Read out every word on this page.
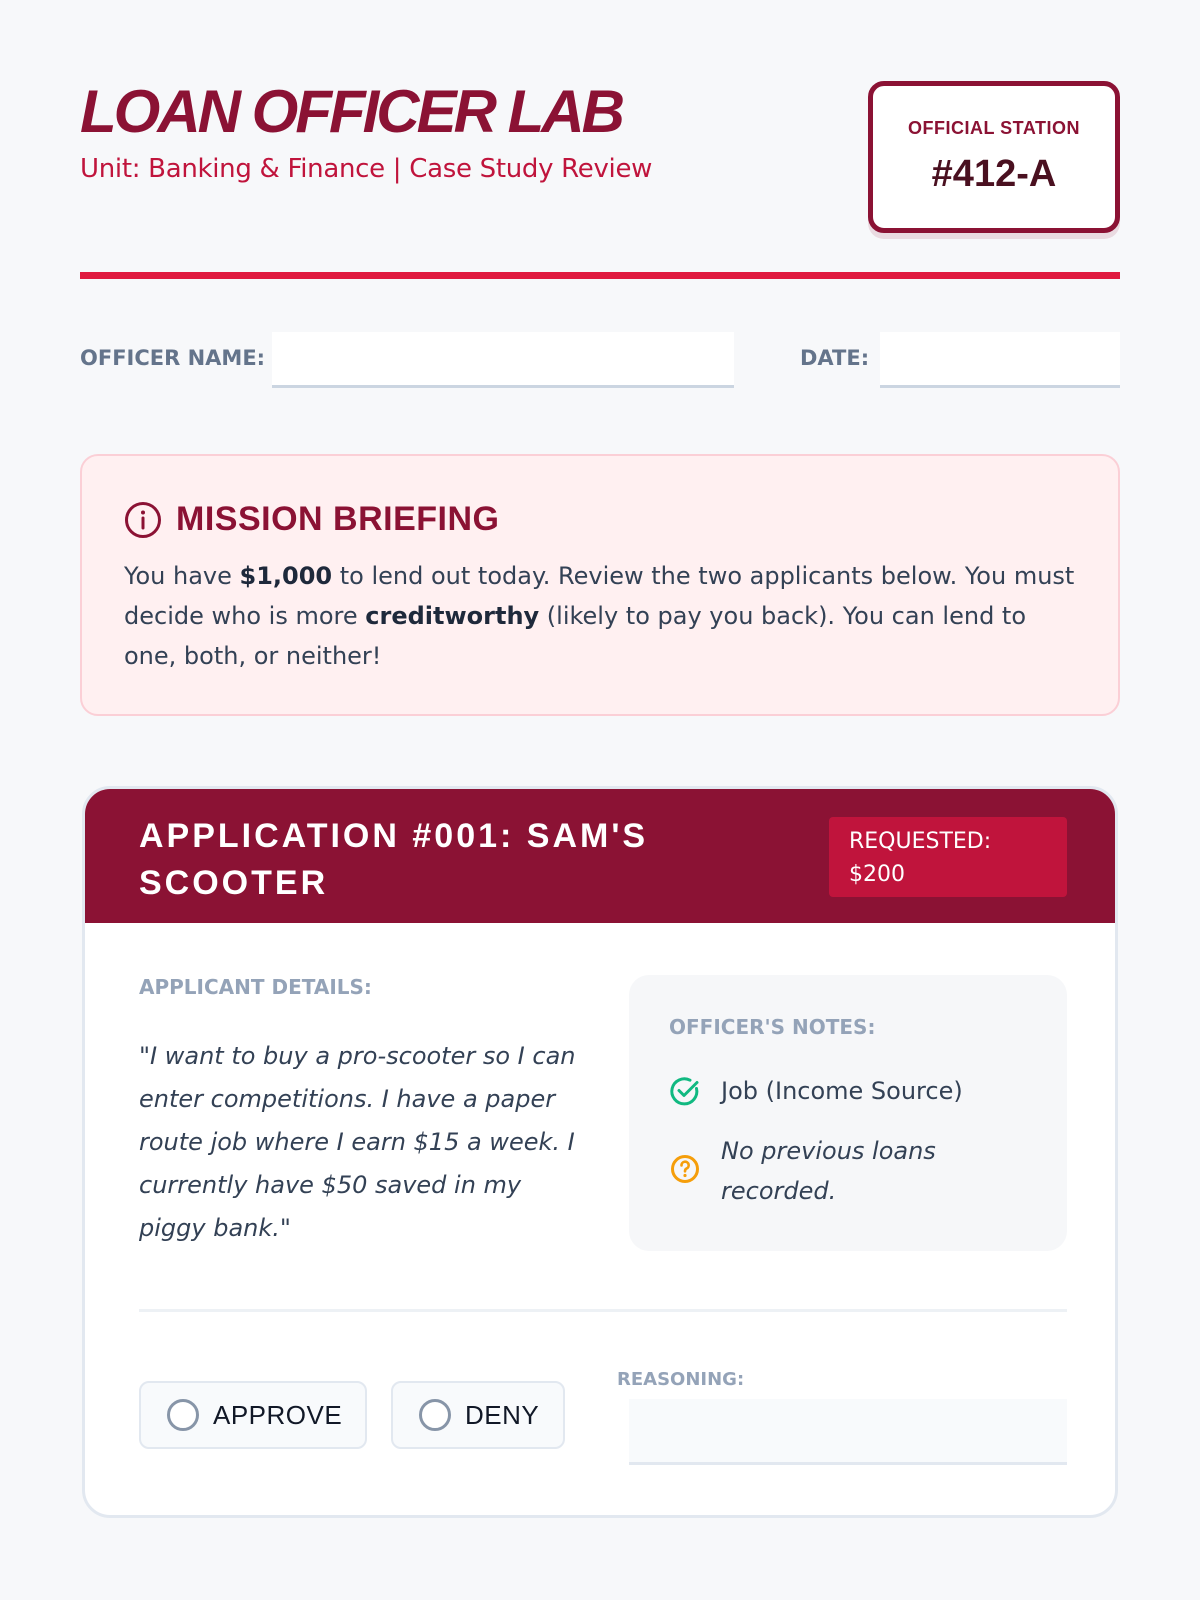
LOAN OFFICER LAB
Unit: Banking & Finance | Case Study Review
OFFICIAL STATION
#412-A
OFFICER NAME:	DATE:
MISSION BRIEFING

You have $1,000 to lend out today. Review the two applicants below. You must decide who is more creditworthy (likely to pay you back). You can lend to one, both, or neither!

APPLICATION #001: SAM'S SCOOTER
REQUESTED:
$200
APPLICANT DETAILS:

"I want to buy a pro-scooter so I can enter competitions. I have a paper route job where I earn $15 a week. I currently have $50 saved in my piggy bank."

OFFICER'S NOTES:
Job (Income Source)
No previous loans recorded.
APPROVE	DENY
REASONING:
